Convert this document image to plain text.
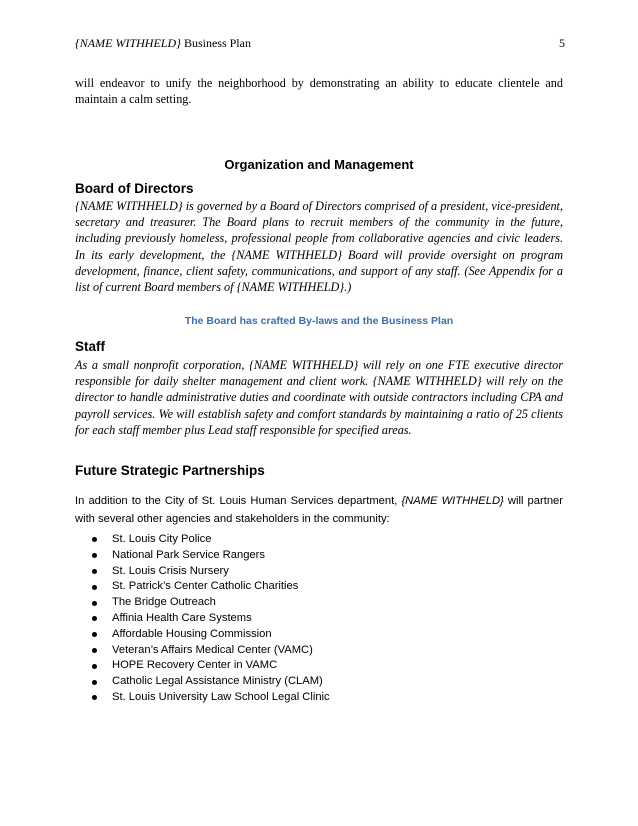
{NAME WITHHELD} Business Plan	5
will endeavor to unify the neighborhood by demonstrating an ability to educate clientele and maintain a calm setting.
Organization and Management
Board of Directors
{NAME WITHHELD} is governed by a Board of Directors comprised of a president, vice-president, secretary and treasurer. The Board plans to recruit members of the community in the future, including previously homeless, professional people from collaborative agencies and civic leaders. In its early development, the {NAME WITHHELD} Board will provide oversight on program development, finance, client safety, communications, and support of any staff. (See Appendix for a list of current Board members of {NAME WITHHELD}.)
The Board has crafted By-laws and the Business Plan
Staff
As a small nonprofit corporation, {NAME WITHHELD} will rely on one FTE executive director responsible for daily shelter management and client work. {NAME WITHHELD} will rely on the director to handle administrative duties and coordinate with outside contractors including CPA and payroll services. We will establish safety and comfort standards by maintaining a ratio of 25 clients for each staff member plus Lead staff responsible for specified areas.
Future Strategic Partnerships
In addition to the City of St. Louis Human Services department, {NAME WITHHELD} will partner with several other agencies and stakeholders in the community:
St. Louis City Police
National Park Service Rangers
St. Louis Crisis Nursery
St. Patrick’s Center Catholic Charities
The Bridge Outreach
Affinia Health Care Systems
Affordable Housing Commission
Veteran’s Affairs Medical Center (VAMC)
HOPE Recovery Center in VAMC
Catholic Legal Assistance Ministry (CLAM)
St. Louis University Law School Legal Clinic
